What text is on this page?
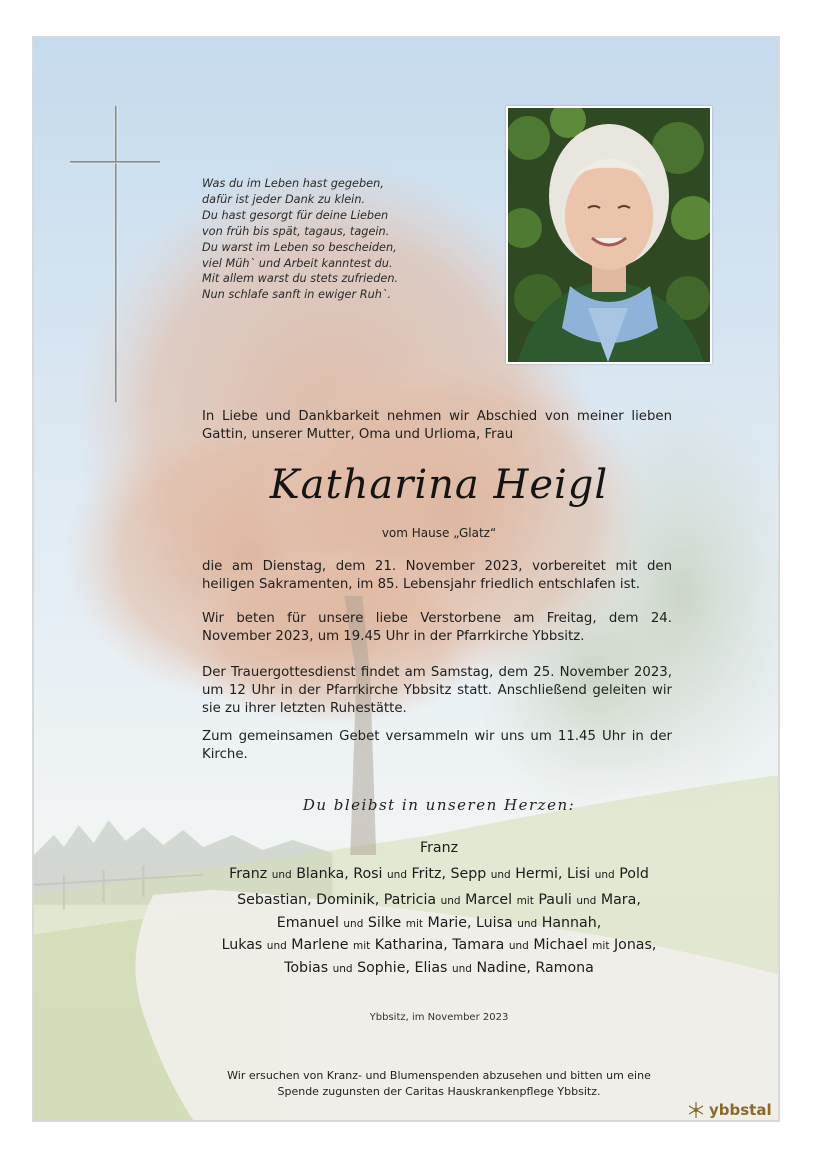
Was du im Leben hast gegeben,
dafür ist jeder Dank zu klein.
Du hast gesorgt für deine Lieben
von früh bis spät, tagaus, tagein.
Du warst im Leben so bescheiden,
viel Müh` und Arbeit kanntest du.
Mit allem warst du stets zufrieden.
Nun schlafe sanft in ewiger Ruh`.
In Liebe und Dankbarkeit nehmen wir Abschied von meiner lieben Gattin, unserer Mutter, Oma und Urlioma, Frau
Katharina Heigl
vom Hause „Glatz“
die am Dienstag, dem 21. November 2023, vorbereitet mit den heiligen Sakramenten, im 85. Lebensjahr friedlich entschlafen ist.
Wir beten für unsere liebe Verstorbene am Freitag, dem 24. November 2023, um 19.45 Uhr in der Pfarrkirche Ybbsitz.
Der Trauergottesdienst findet am Samstag, dem 25. November 2023, um 12 Uhr in der Pfarrkirche Ybbsitz statt. Anschließend geleiten wir sie zu ihrer letzten Ruhestätte.
Zum gemeinsamen Gebet versammeln wir uns um 11.45 Uhr in der Kirche.
Du bleibst in unseren Herzen:
Franz
Franz und Blanka, Rosi und Fritz, Sepp und Hermi, Lisi und Pold
Sebastian, Dominik, Patricia und Marcel mit Pauli und Mara,
Emanuel und Silke mit Marie, Luisa und Hannah,
Lukas und Marlene mit Katharina, Tamara und Michael mit Jonas,
Tobias und Sophie, Elias und Nadine, Ramona
Ybbsitz, im November 2023
Wir ersuchen von Kranz- und Blumenspenden abzusehen und bitten um eine
Spende zugunsten der Caritas Hauskrankenpflege Ybbsitz.
ybbstal
